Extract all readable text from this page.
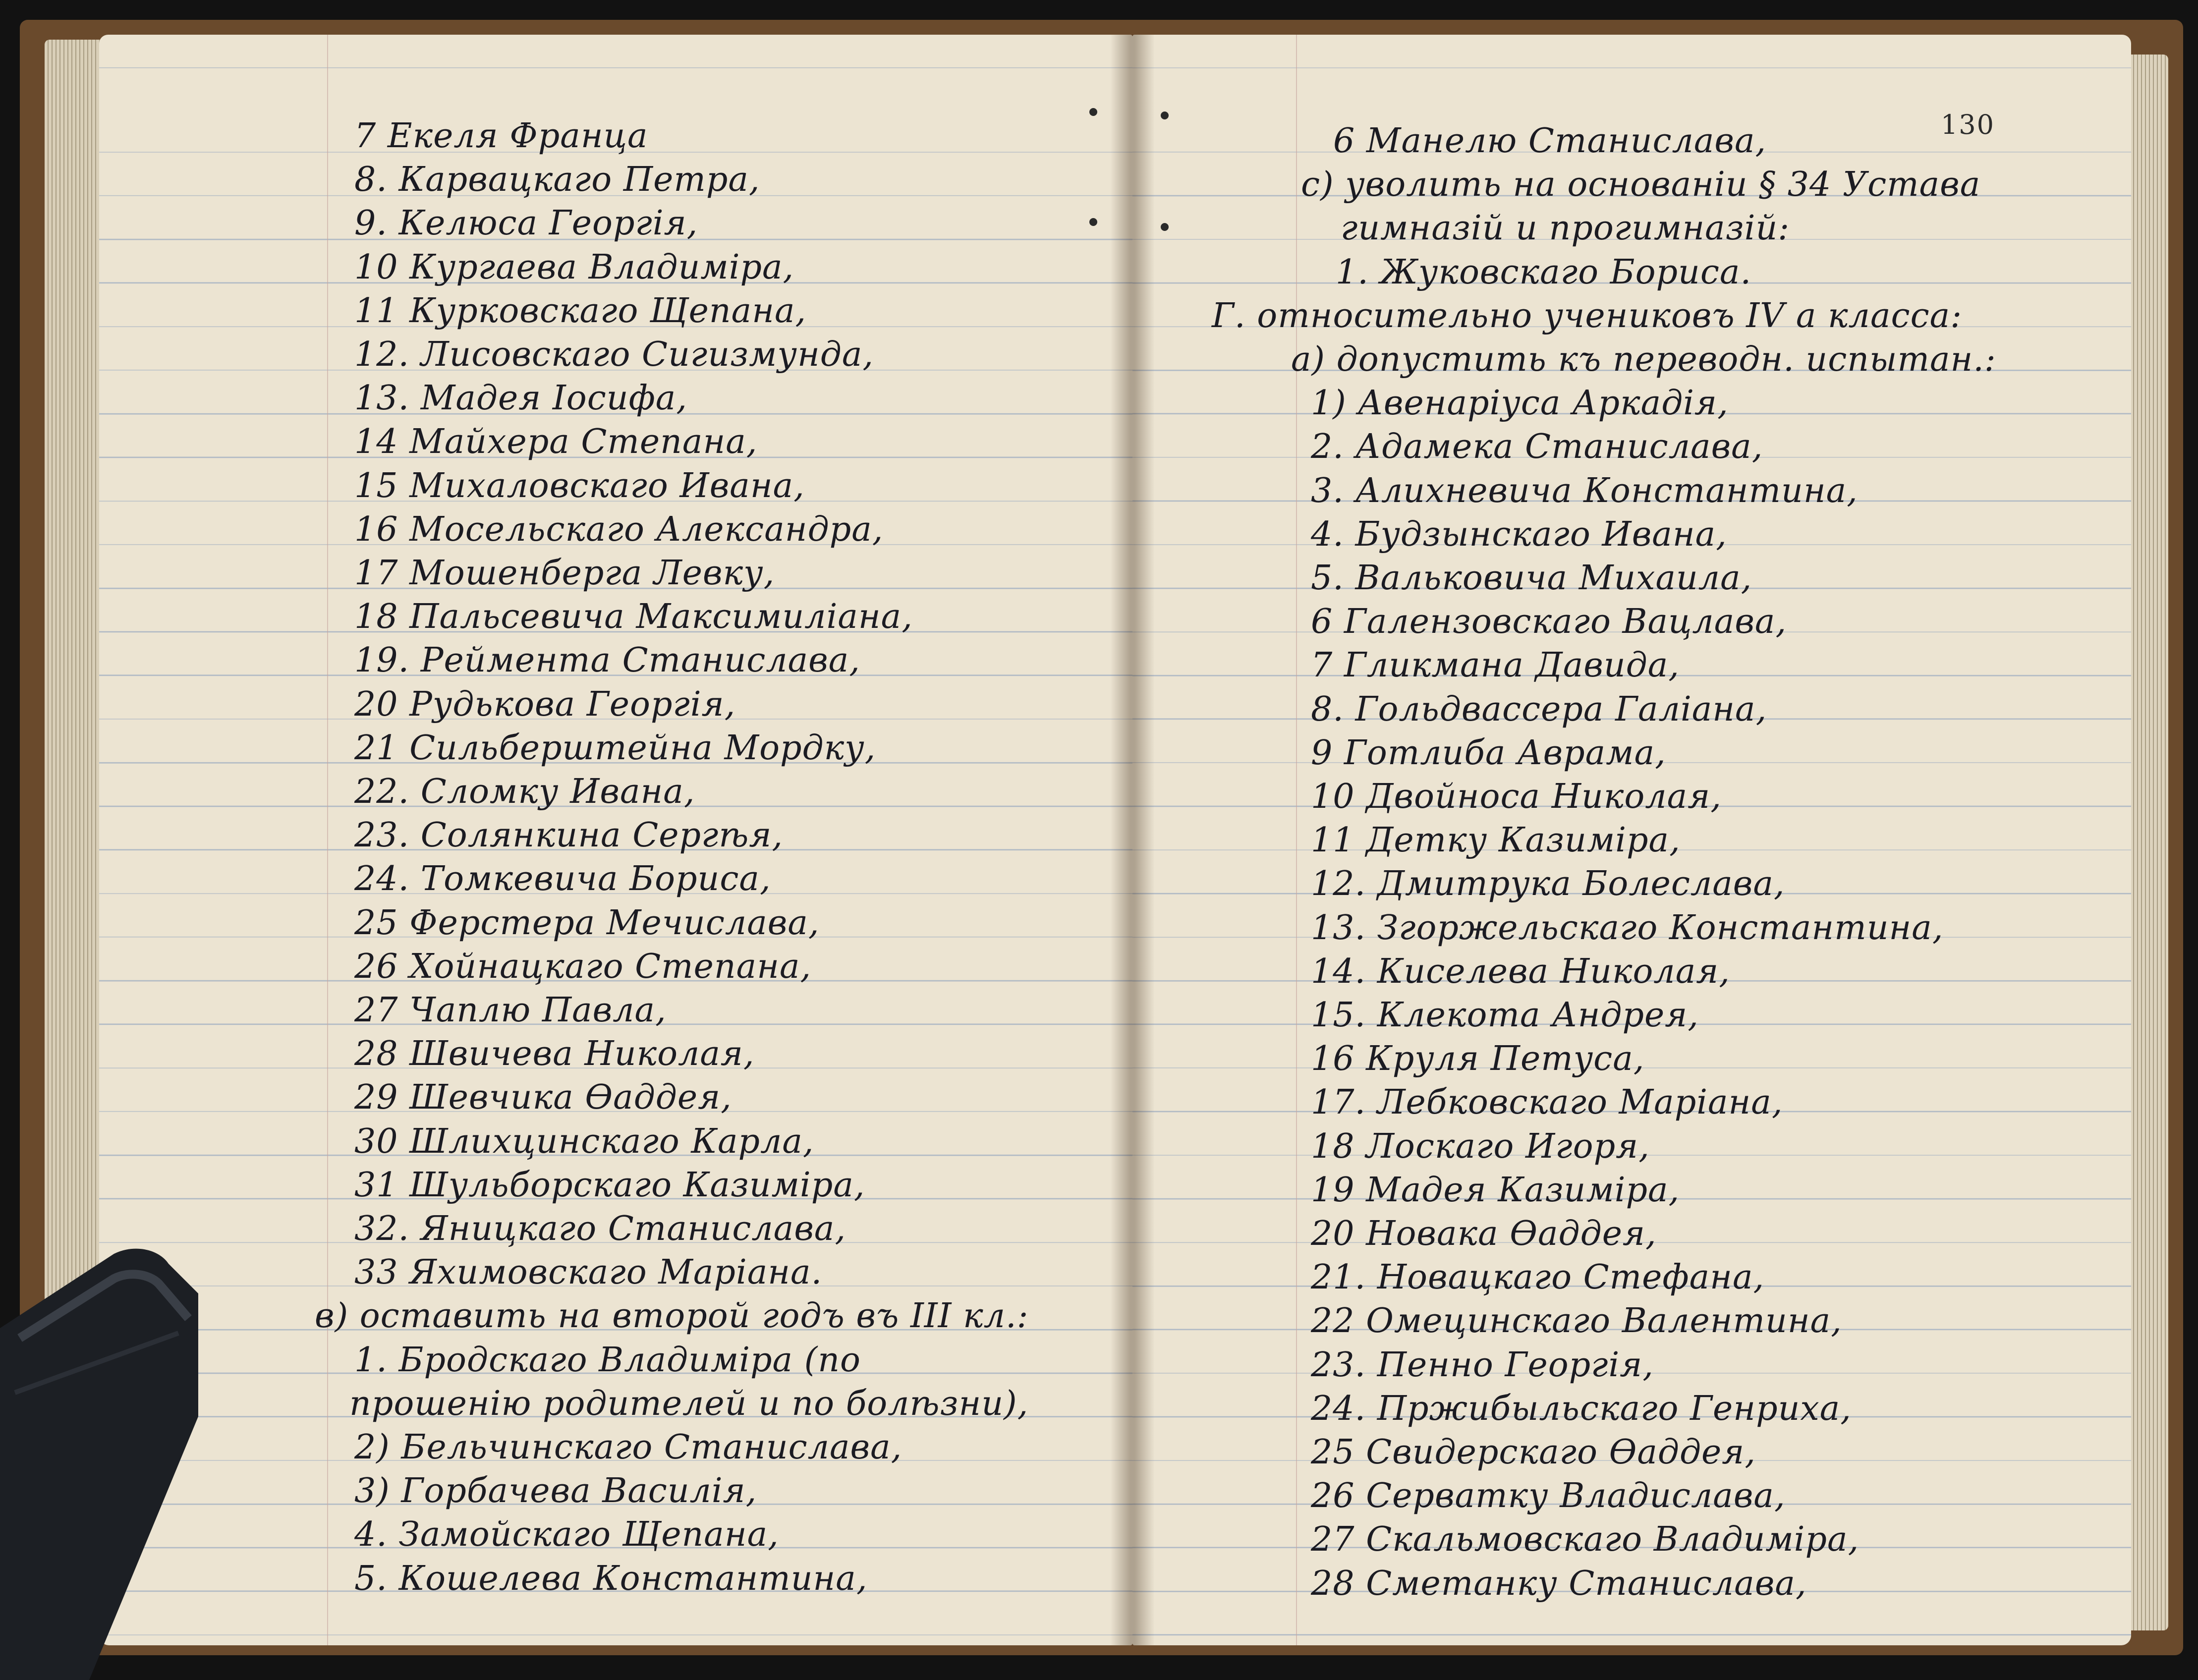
7 Екеля Франца
8. Карвацкаго Петра,
9. Келюса Георгія,
10 Кургаева Владиміра,
11 Курковскаго Щепана,
12. Лисовскаго Сигизмунда,
13. Мадея Іосифа,
14 Майхера Степана,
15 Михаловскаго Ивана,
16 Мосельскаго Александра,
17 Мошенберга Левку,
18 Пальсевича Максимиліана,
19. Рейментa Станислава,
20 Рудькова Георгія,
21 Сильберштейна Мордку,
22. Сломку Ивана,
23. Солянкина Сергѣя,
24. Томкевича Бориса,
25 Ферстера Мечислава,
26 Хойнацкаго Степана,
27 Чаплю Павла,
28 Швичева Николая,
29 Шевчика Ѳаддея,
30 Шлихцинскаго Карла,
31 Шульборскаго Казиміра,
32. Яницкаго Станислава,
33 Яхимовскаго Маріана.
в) оставить на второй годъ въ III кл.:
1. Бродскаго Владиміра (по
прошенію родителей и по болѣзни),
2) Бельчинскаго Станислава,
3) Горбачева Василія,
4. Замойскаго Щепана,
5. Кошелева Константина,
130
6 Манелю Станислава,
с) уволить на основаніи § 34 Устава
гимназій и прогимназій:
1. Жуковскаго Бориса.
Г. относительно учениковъ IV а класса:
а) допустить къ переводн. испытан.:
1) Авенаріуса Аркадія,
2. Адамека Станислава,
3. Алихневича Константина,
4. Будзынскаго Ивана,
5. Вальковича Михаила,
6 Галензовскаго Вацлава,
7 Гликмана Давида,
8. Гольдвассера Галіана,
9 Готлиба Аврама,
10 Двойноса Николая,
11 Детку Казиміра,
12. Дмитрука Болеслава,
13. Згоржельскаго Константина,
14. Киселева Николая,
15. Клекота Андрея,
16 Круля Петуса,
17. Лебковскаго Маріана,
18 Лоскаго Игоря,
19 Мадея Казиміра,
20 Новака Ѳаддея,
21. Новацкаго Стефана,
22 Омецинскаго Валентина,
23. Пенно Георгія,
24. Пржибыльскаго Генриха,
25 Свидерскаго Ѳаддея,
26 Серватку Владислава,
27 Скальмовскаго Владиміра,
28 Сметанку Станислава,
